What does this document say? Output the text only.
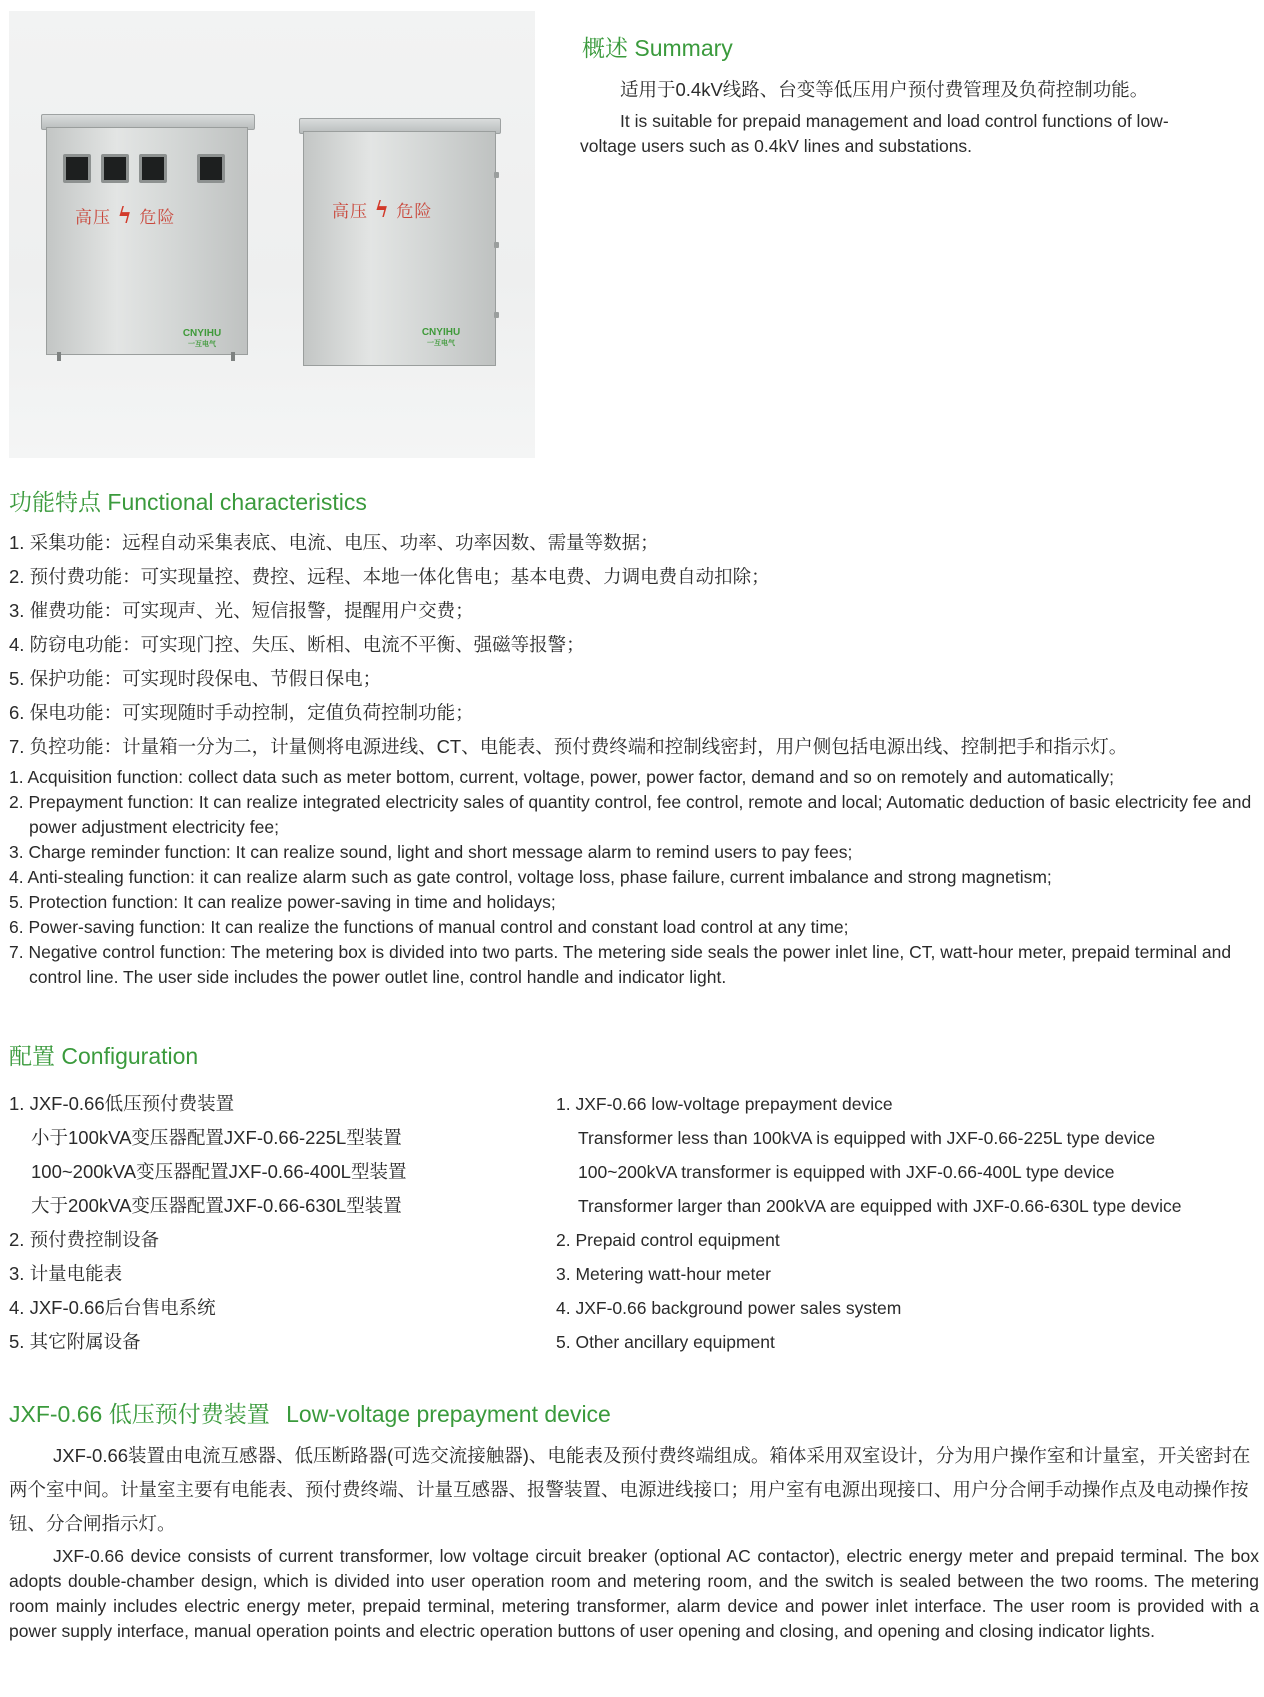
高压 ϟ 危险
CNYIHU
一互电气
高压 ϟ 危险
CNYIHU
一互电气
概述 Summary
适用于0.4kV线路、台变等低压用户预付费管理及负荷控制功能。
It is suitable for prepaid management and load control functions of low-
voltage users such as 0.4kV lines and substations.
功能特点 Functional characteristics
1. 采集功能：远程自动采集表底、电流、电压、功率、功率因数、需量等数据；
2. 预付费功能：可实现量控、费控、远程、本地一体化售电；基本电费、力调电费自动扣除；
3. 催费功能：可实现声、光、短信报警，提醒用户交费；
4. 防窃电功能：可实现门控、失压、断相、电流不平衡、强磁等报警；
5. 保护功能：可实现时段保电、节假日保电；
6. 保电功能：可实现随时手动控制，定值负荷控制功能；
7. 负控功能：计量箱一分为二，计量侧将电源进线、CT、电能表、预付费终端和控制线密封，用户侧包括电源出线、控制把手和指示灯。
1. Acquisition function: collect data such as meter bottom, current, voltage, power, power factor, demand and so on remotely and automatically;
2. Prepayment function: It can realize integrated electricity sales of quantity control, fee control, remote and local; Automatic deduction of basic electricity fee and power adjustment electricity fee;
3. Charge reminder function: It can realize sound, light and short message alarm to remind users to pay fees;
4. Anti-stealing function: it can realize alarm such as gate control, voltage loss, phase failure, current imbalance and strong magnetism;
5. Protection function: It can realize power-saving in time and holidays;
6. Power-saving function: It can realize the functions of manual control and constant load control at any time;
7. Negative control function: The metering box is divided into two parts. The metering side seals the power inlet line, CT, watt-hour meter, prepaid terminal and control line. The user side includes the power outlet line, control handle and indicator light.
配置 Configuration
1. JXF-0.66低压预付费装置
小于100kVA变压器配置JXF-0.66-225L型装置
100~200kVA变压器配置JXF-0.66-400L型装置
大于200kVA变压器配置JXF-0.66-630L型装置
2. 预付费控制设备
3. 计量电能表
4. JXF-0.66后台售电系统
5. 其它附属设备
1. JXF-0.66 low-voltage prepayment device
Transformer less than 100kVA is equipped with JXF-0.66-225L type device
100~200kVA transformer is equipped with JXF-0.66-400L type device
Transformer larger than 200kVA are equipped with JXF-0.66-630L type device
2. Prepaid control equipment
3. Metering watt-hour meter
4. JXF-0.66 background power sales system
5. Other ancillary equipment
JXF-0.66 低压预付费装置 Low-voltage prepayment device
JXF-0.66装置由电流互感器、低压断路器(可选交流接触器)、电能表及预付费终端组成。箱体采用双室设计，分为用户操作室和计量室，开关密封在两个室中间。计量室主要有电能表、预付费终端、计量互感器、报警装置、电源进线接口；用户室有电源出现接口、用户分合闸手动操作点及电动操作按钮、分合闸指示灯。
JXF-0.66 device consists of current transformer, low voltage circuit breaker (optional AC contactor), electric energy meter and prepaid terminal. The box adopts double-chamber design, which is divided into user operation room and metering room, and the switch is sealed between the two rooms. The metering room mainly includes electric energy meter, prepaid terminal, metering transformer, alarm device and power inlet interface. The user room is provided with a power supply interface, manual operation points and electric operation buttons of user opening and closing, and opening and closing indicator lights.
